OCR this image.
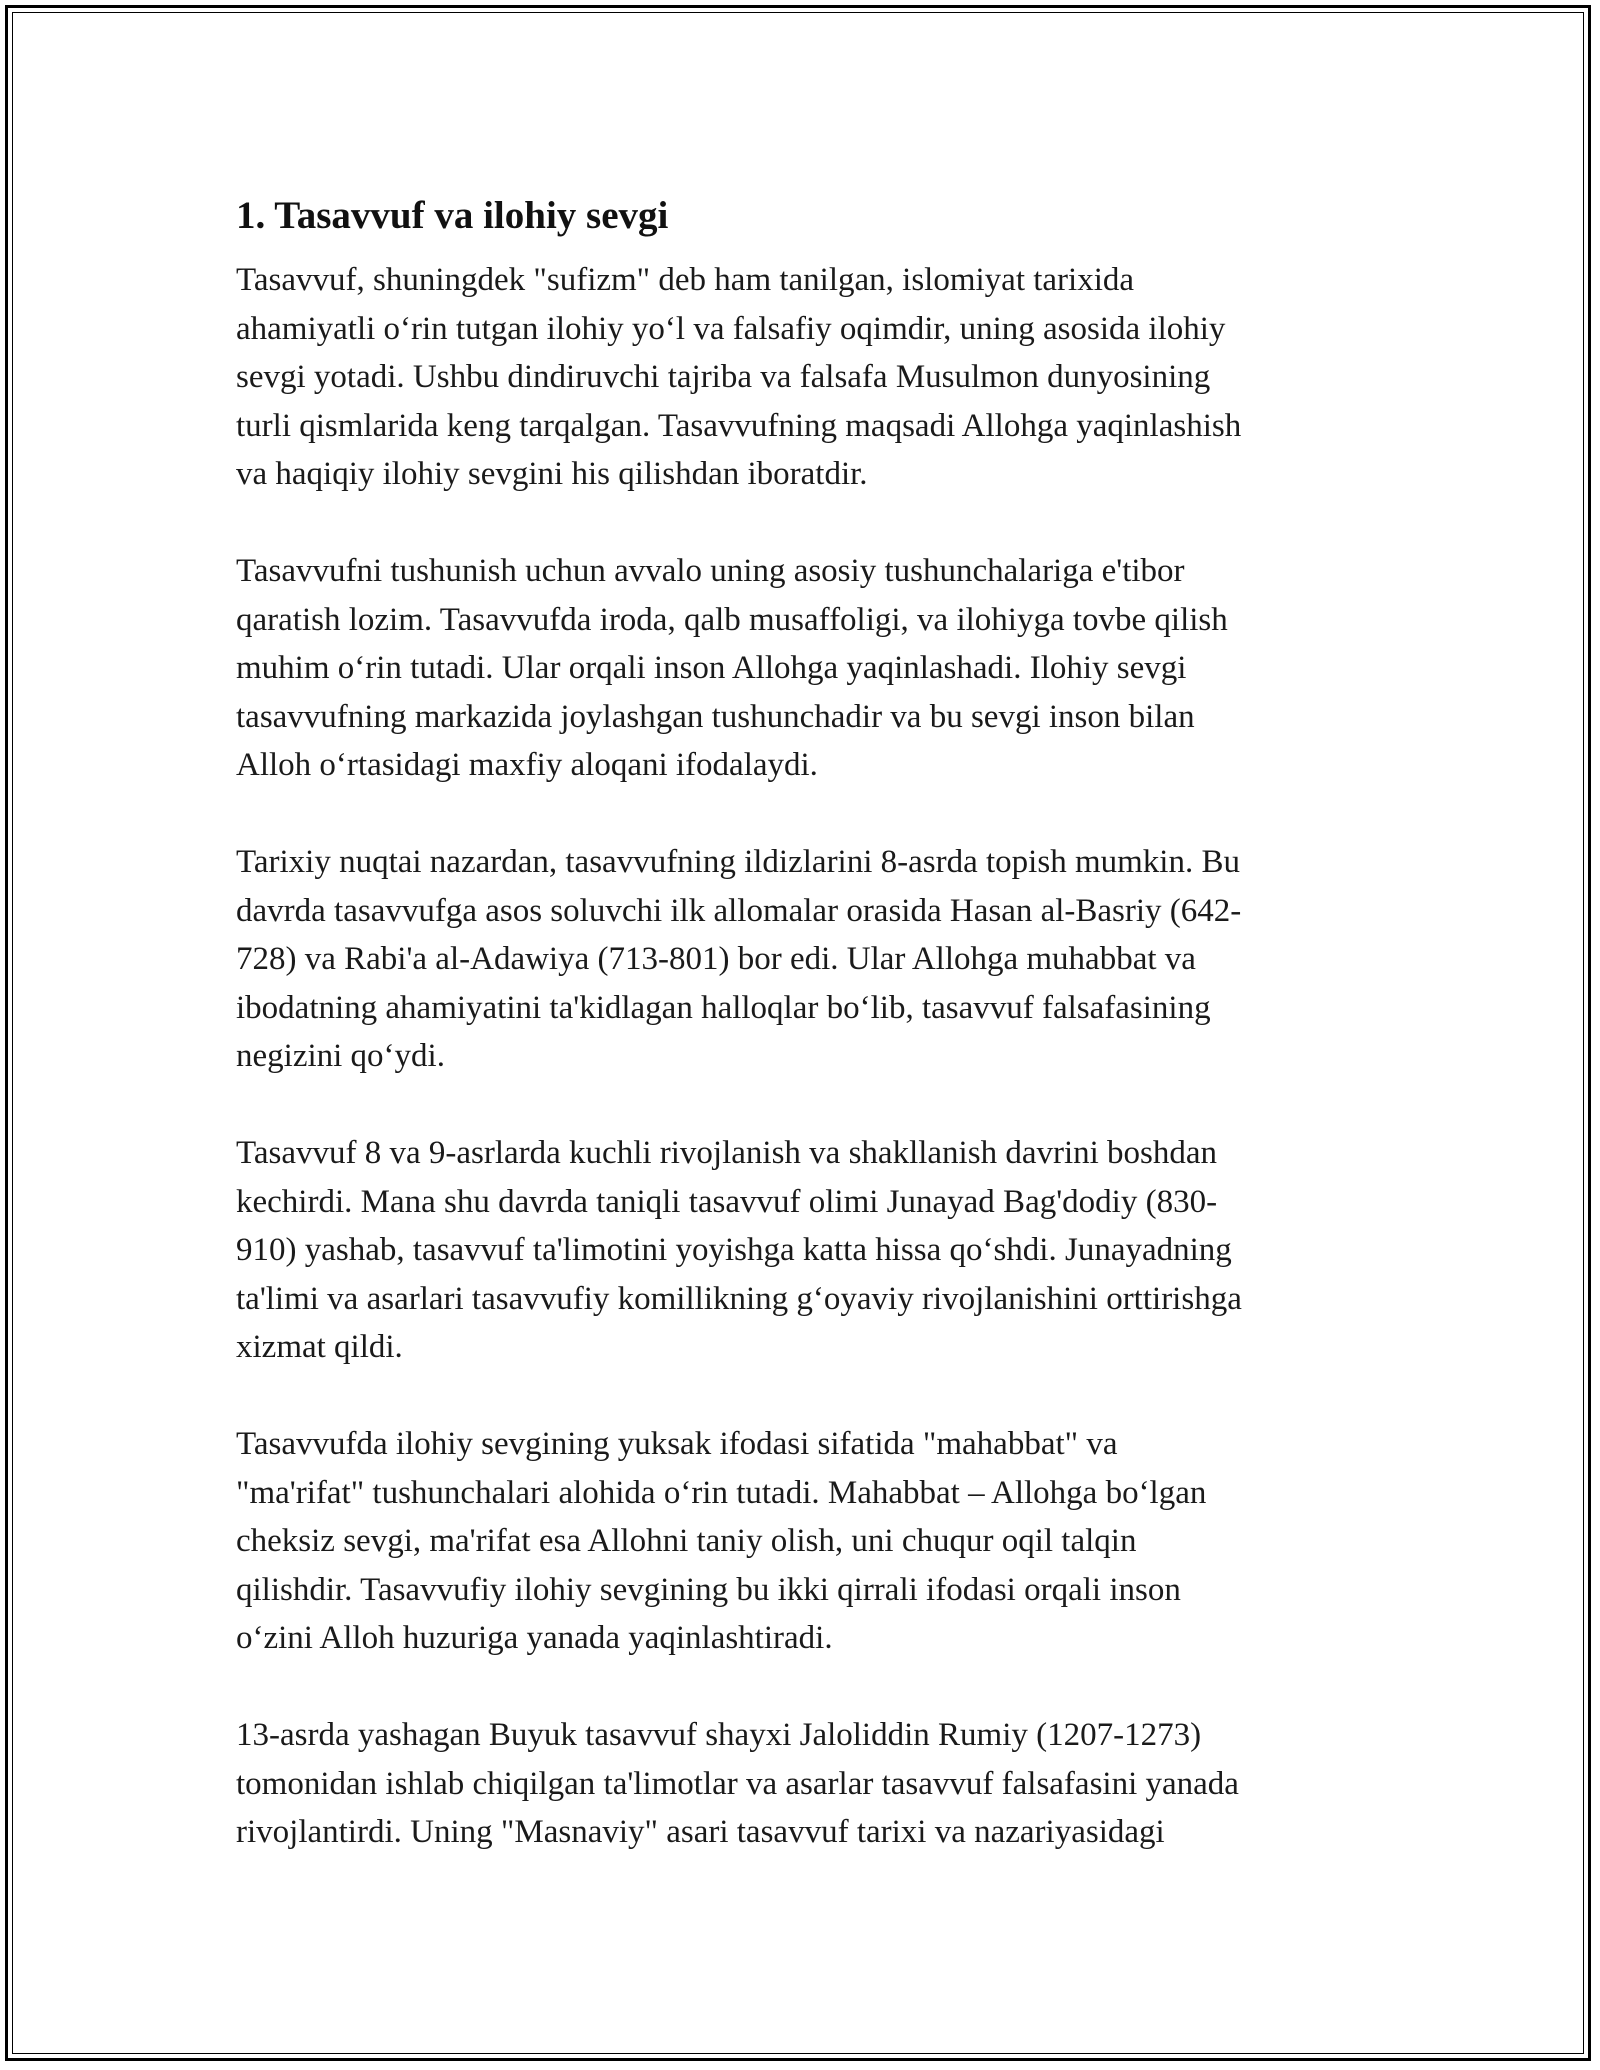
1. Tasavvuf va ilohiy sevgi

Tasavvuf, shuningdek "sufizm" deb ham tanilgan, islomiyat tarixida
ahamiyatli o‘rin tutgan ilohiy yo‘l va falsafiy oqimdir, uning asosida ilohiy
sevgi yotadi. Ushbu dindiruvchi tajriba va falsafa Musulmon dunyosining
turli qismlarida keng tarqalgan. Tasavvufning maqsadi Allohga yaqinlashish
va haqiqiy ilohiy sevgini his qilishdan iboratdir.

Tasavvufni tushunish uchun avvalo uning asosiy tushunchalariga e'tibor
qaratish lozim. Tasavvufda iroda, qalb musaffoligi, va ilohiyga tovbe qilish
muhim o‘rin tutadi. Ular orqali inson Allohga yaqinlashadi. Ilohiy sevgi
tasavvufning markazida joylashgan tushunchadir va bu sevgi inson bilan
Alloh o‘rtasidagi maxfiy aloqani ifodalaydi.

Tarixiy nuqtai nazardan, tasavvufning ildizlarini 8-asrda topish mumkin. Bu
davrda tasavvufga asos soluvchi ilk allomalar orasida Hasan al-Basriy (642-
728) va Rabi'a al-Adawiya (713-801) bor edi. Ular Allohga muhabbat va
ibodatning ahamiyatini ta'kidlagan halloqlar bo‘lib, tasavvuf falsafasining
negizini qo‘ydi.

Tasavvuf 8 va 9-asrlarda kuchli rivojlanish va shakllanish davrini boshdan
kechirdi. Mana shu davrda taniqli tasavvuf olimi Junayad Bag'dodiy (830-
910) yashab, tasavvuf ta'limotini yoyishga katta hissa qo‘shdi. Junayadning
ta'limi va asarlari tasavvufiy komillikning g‘oyaviy rivojlanishini orttirishga
xizmat qildi.

Tasavvufda ilohiy sevgining yuksak ifodasi sifatida "mahabbat" va
"ma'rifat" tushunchalari alohida o‘rin tutadi. Mahabbat – Allohga bo‘lgan
cheksiz sevgi, ma'rifat esa Allohni taniy olish, uni chuqur oqil talqin
qilishdir. Tasavvufiy ilohiy sevgining bu ikki qirrali ifodasi orqali inson
o‘zini Alloh huzuriga yanada yaqinlashtiradi.

13-asrda yashagan Buyuk tasavvuf shayxi Jaloliddin Rumiy (1207-1273)
tomonidan ishlab chiqilgan ta'limotlar va asarlar tasavvuf falsafasini yanada
rivojlantirdi. Uning "Masnaviy" asari tasavvuf tarixi va nazariyasidagi
